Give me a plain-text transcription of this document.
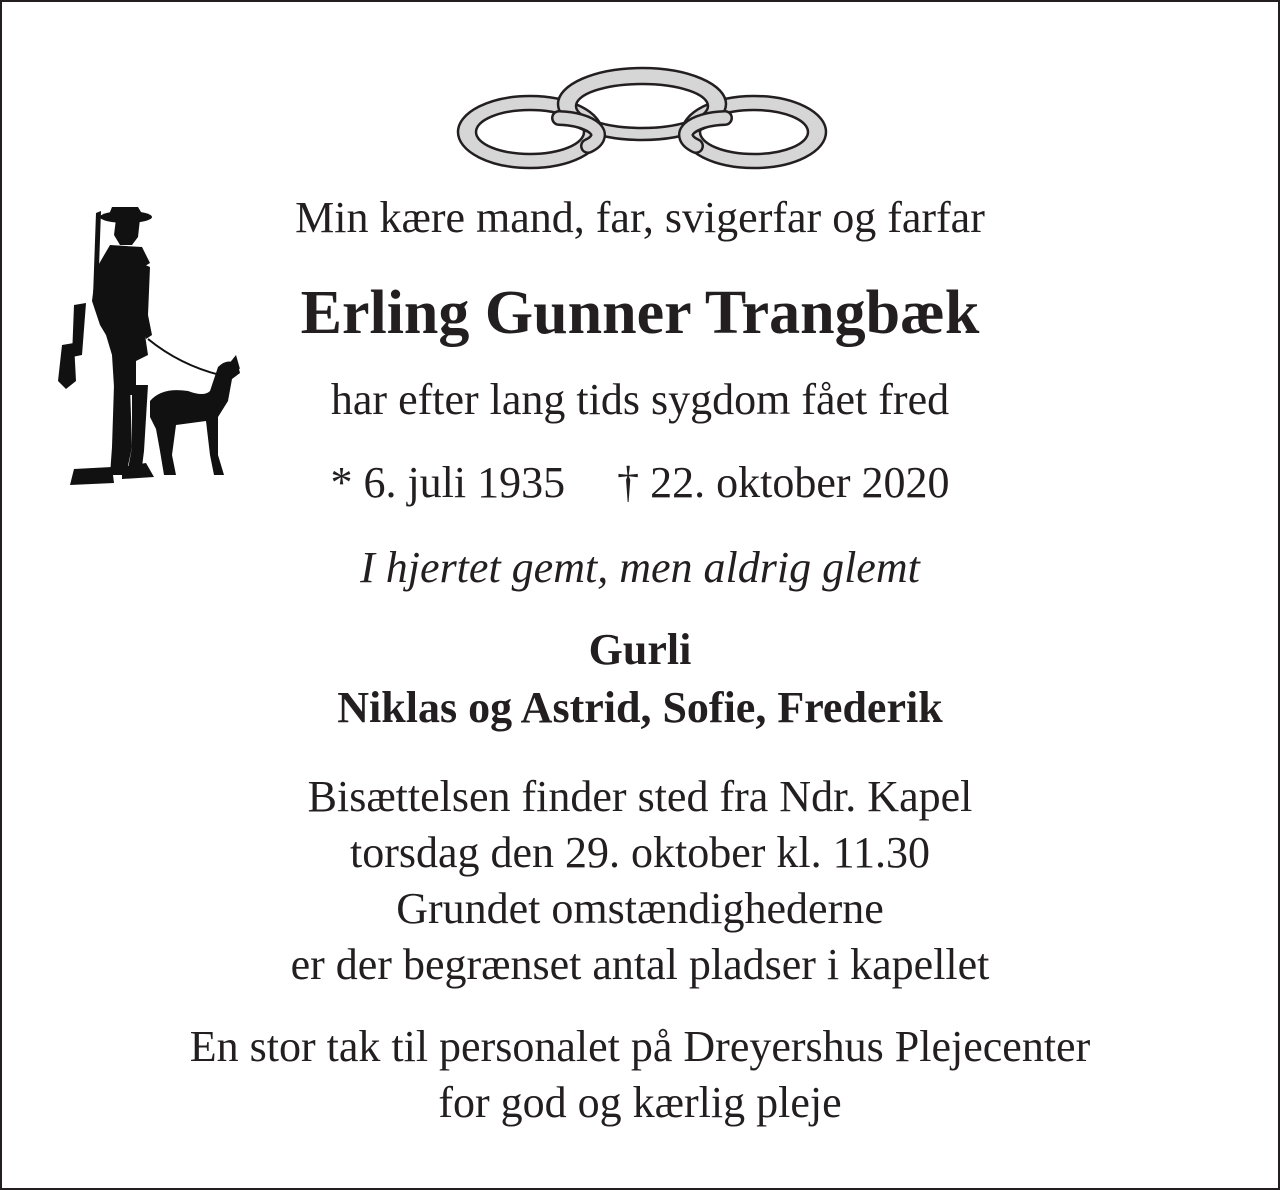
Min kære mand, far, svigerfar og farfar
Erling Gunner Trangbæk
har efter lang tids sygdom fået fred
* 6. juli 1935 † 22. oktober 2020
I hjertet gemt, men aldrig glemt
Gurli
Niklas og Astrid, Sofie, Frederik
Bisættelsen finder sted fra Ndr. Kapel
torsdag den 29. oktober kl. 11.30
Grundet omstændighederne
er der begrænset antal pladser i kapellet
En stor tak til personalet på Dreyershus Plejecenter
for god og kærlig pleje
